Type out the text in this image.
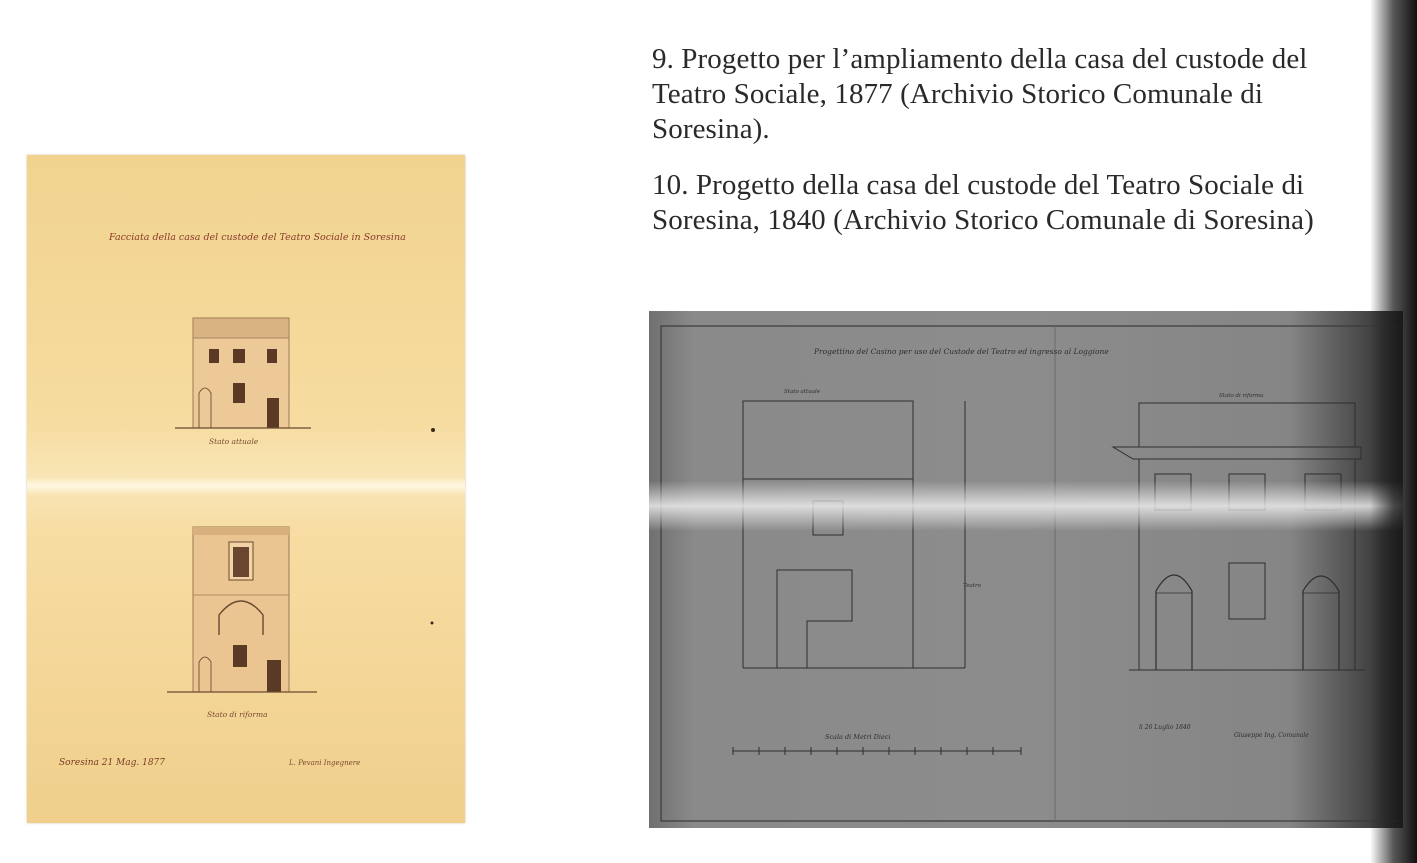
9. Progetto per l’ampliamento della casa del custode del
Teatro Sociale, 1877 (Archivio Storico Comunale di
Soresina).

10. Progetto della casa del custode del Teatro Sociale di
Soresina, 1840 (Archivio Storico Comunale di Soresina)

Facciata della casa del custode del Teatro Sociale in Soresina
Stato attuale
Stato di riforma
Soresina 21 Mag. 1877	L. Pevani Ingegnere
Progettino del Casino per uso del Custode del Teatro ed ingresso al Loggione
Stato attuale
Teatro
Stato di riforma
Scala di Metri Dieci
li 26 Luglio 1840
Giuseppe Ing. Comunale
